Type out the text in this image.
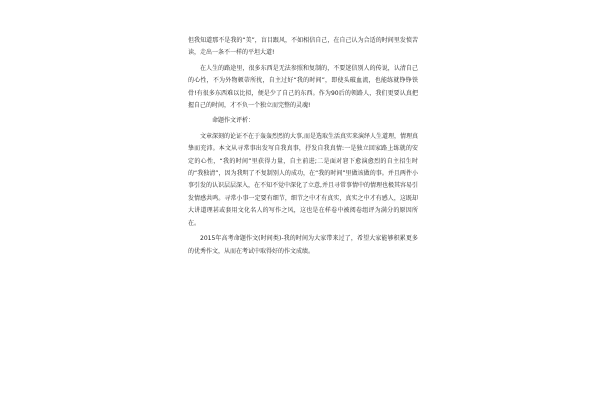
但我知道那不是我的“美”，盲目跟风，不如相信自己，在自己认为合适的时间里发愤苦读，走出一条不一样的平坦大道!

在人生的路途里，很多东西是无法参照和复制的，不要迷信别人的传说，认清自己的心性，不为外物顿蒂所扰，自主过好“我的时间”，即使头破血流，也能练就铮铮铁骨!有很多东西难以比拟，便是少了自己的东西。作为90后的领路人，我们更要认真把握自己的时间，才不负一个独立而完整的灵魂!

命题作文评析：

文章深刻的论证不在于轰轰烈烈的大事,而是选取生活真实来演绎人生道理，情理真挚而充沛。本文从寻常事出发写自我真事，抒发自我真情:一是独立回家路上练就的安定的心性，“我的时间”里获得力量，自主前进;二是面对窘下愈演愈烈的自主招生时的“我独清”，因为我明了不复制别人的成功，在“我的时间”里做该做的事。并且两件小事引发的认识层层深入，在不知不觉中深化了立意,并且寻常事情中的情理也极其容易引发情感共鸣。寻常小事一定要有细节，细节之中才有真实，真实之中才有感人，这既却大讲道理甚或套用文化名人的写作之风，这也是在样卷中被阅卷组评为满分的原因所在。

2015年高考命题作文(时间类)-我的时间为大家带来过了，希望大家能够积累更多的优秀作文，从而在考试中取得好的作文成绩。
